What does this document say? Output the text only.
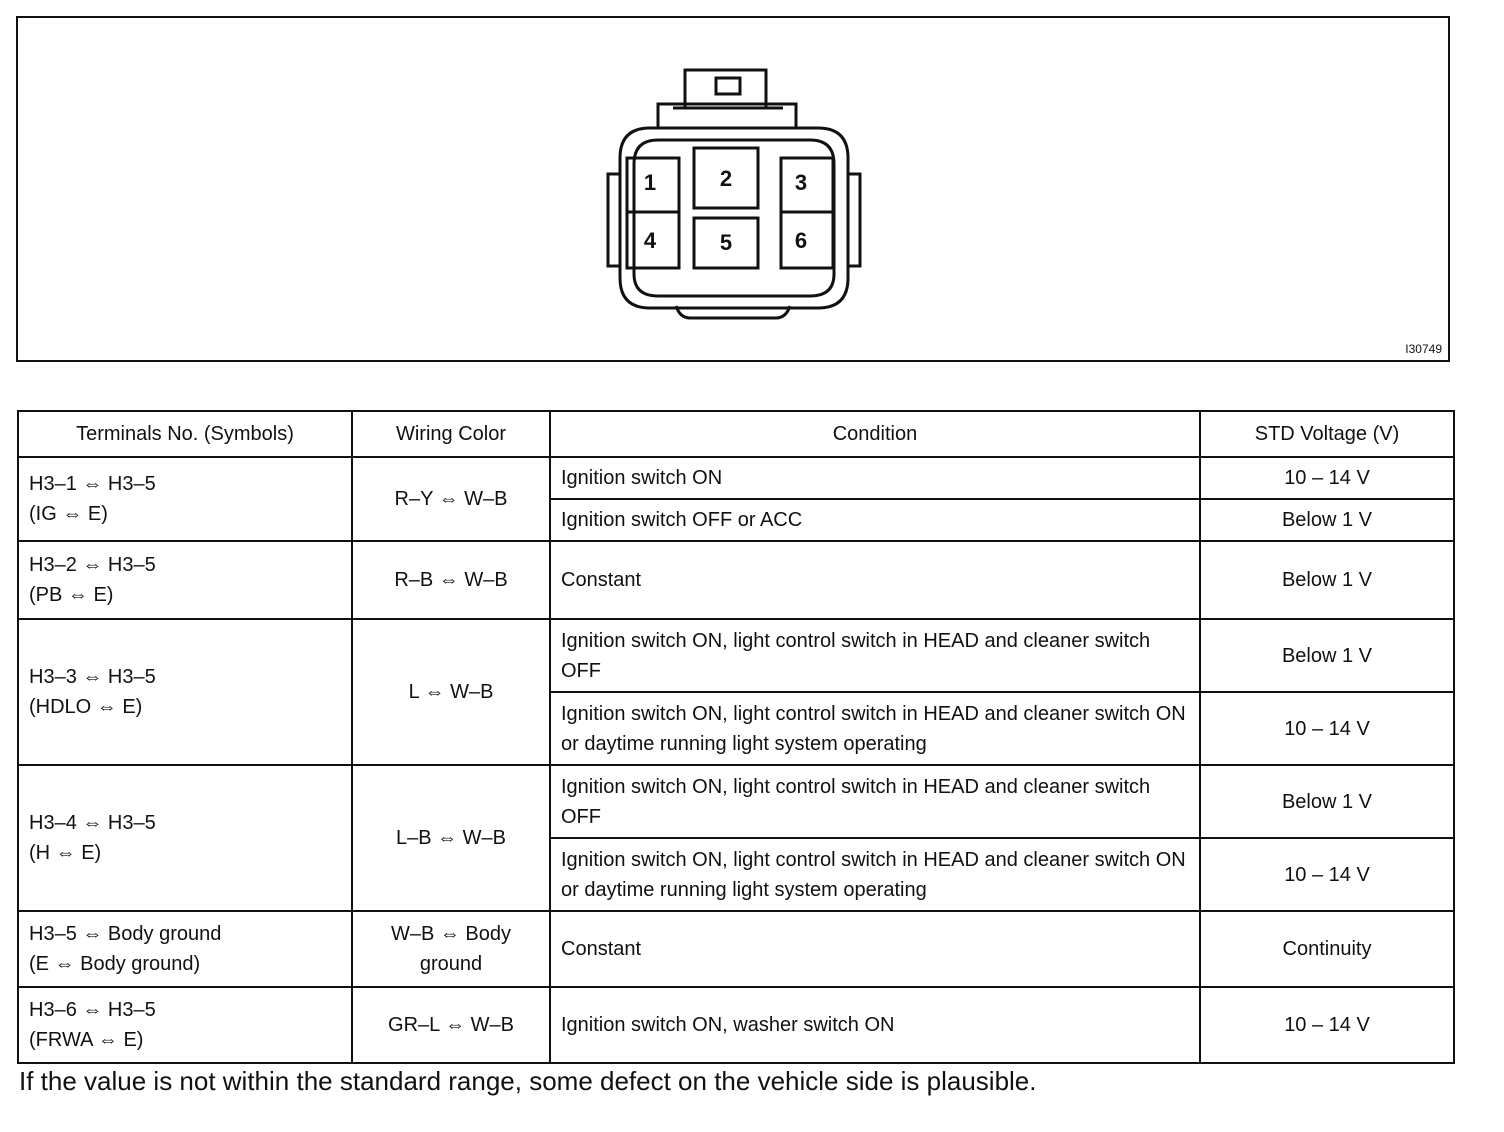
1	2	3
4	5	6
I30749
Terminals No. (Symbols)	Wiring Color	Condition	STD Voltage (V)

H3–1 ⇔ H3–5
(IG ⇔ E)	R–Y ⇔ W–B	Ignition switch ON	10 – 14 V
		Ignition switch OFF or ACC	Below 1 V

H3–2 ⇔ H3–5
(PB ⇔ E)	R–B ⇔ W–B	Constant	Below 1 V

H3–3 ⇔ H3–5
(HDLO ⇔ E)	L ⇔ W–B	Ignition switch ON, light control switch in HEAD and cleaner switch OFF	Below 1 V
		Ignition switch ON, light control switch in HEAD and cleaner switch ON or daytime running light system operating	10 – 14 V

H3–4 ⇔ H3–5
(H ⇔ E)	L–B ⇔ W–B	Ignition switch ON, light control switch in HEAD and cleaner switch OFF	Below 1 V
		Ignition switch ON, light control switch in HEAD and cleaner switch ON or daytime running light system operating	10 – 14 V

H3–5 ⇔ Body ground
(E ⇔ Body ground)	W–B ⇔ Body ground	Constant	Continuity

H3–6 ⇔ H3–5
(FRWA ⇔ E)	GR–L ⇔ W–B	Ignition switch ON, washer switch ON	10 – 14 V
If the value is not within the standard range, some defect on the vehicle side is plausible.
